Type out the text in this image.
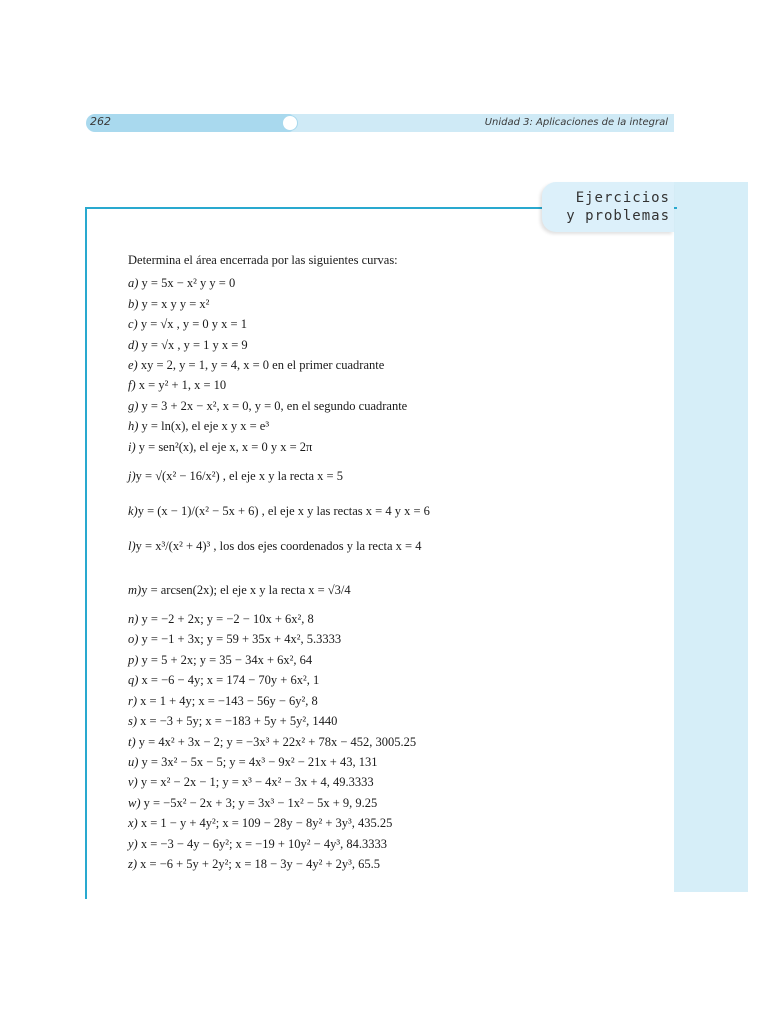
262	Unidad 3: Aplicaciones de la integral
Ejercicios
y problemas

Determina el área encerrada por las siguientes curvas:

a) y = 5x − x² y y = 0

b) y = x y y = x²

c) y = √x , y = 0 y x = 1

d) y = √x , y = 1 y x = 9

e) xy = 2, y = 1, y = 4, x = 0 en el primer cuadrante

f) x = y² + 1, x = 10

g) y = 3 + 2x − x², x = 0, y = 0, en el segundo cuadrante

h) y = ln(x), el eje x y x = e³

i) y = sen²(x), el eje x, x = 0 y x = 2π

j) y = √(x² − 16/x²) , el eje x y la recta x = 5

k) y = (x − 1)/(x² − 5x + 6) , el eje x y las rectas x = 4 y x = 6

l) y = x³/(x² + 4)³ , los dos ejes coordenados y la recta x = 4

m) y = arcsen(2x); el eje x y la recta x = √3/4

n) y = −2 + 2x; y = −2 − 10x + 6x², 8

o) y = −1 + 3x; y = 59 + 35x + 4x², 5.3333

p) y = 5 + 2x; y = 35 − 34x + 6x², 64

q) x = −6 − 4y; x = 174 − 70y + 6x², 1

r) x = 1 + 4y; x = −143 − 56y − 6y², 8

s) x = −3 + 5y; x = −183 + 5y + 5y², 1440

t) y = 4x² + 3x − 2; y = −3x³ + 22x² + 78x − 452, 3005.25

u) y = 3x² − 5x − 5; y = 4x³ − 9x² − 21x + 43, 131

v) y = x² − 2x − 1; y = x³ − 4x² − 3x + 4, 49.3333

w) y = −5x² − 2x + 3; y = 3x³ − 1x² − 5x + 9, 9.25

x) x = 1 − y + 4y²; x = 109 − 28y − 8y² + 3y³, 435.25

y) x = −3 − 4y − 6y²; x = −19 + 10y² − 4y³, 84.3333

z) x = −6 + 5y + 2y²; x = 18 − 3y − 4y² + 2y³, 65.5
